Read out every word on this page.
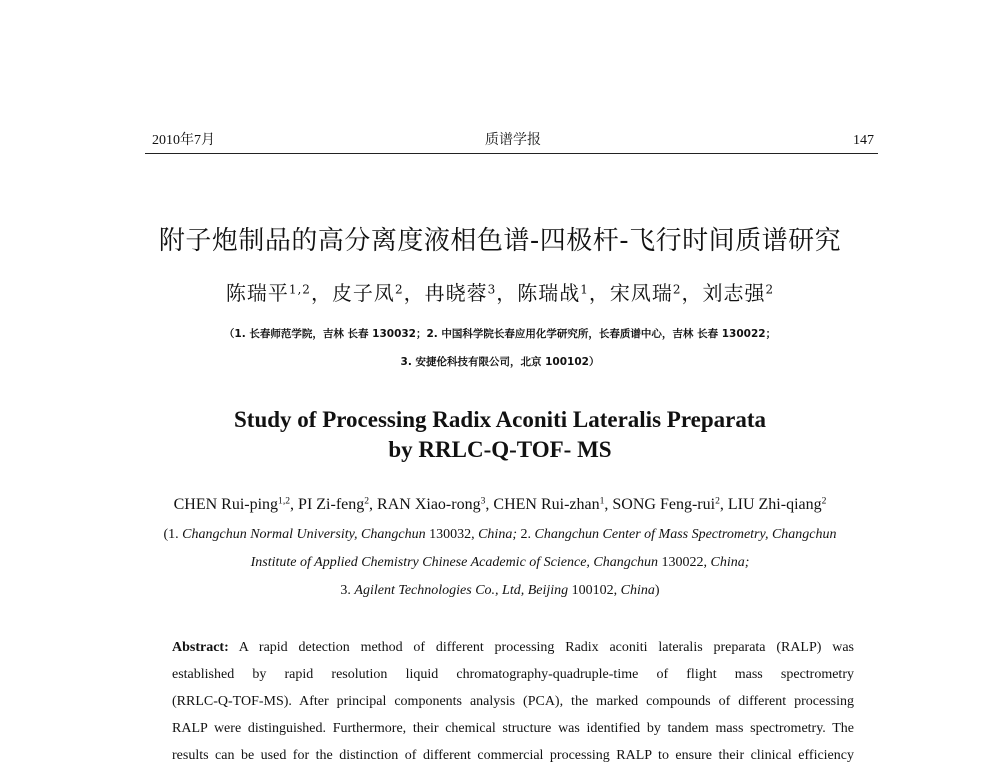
2010年7月	质谱学报	147
附子炮制品的高分离度液相色谱-四极杆-飞行时间质谱研究
陈瑞平$^{1,2}$，皮子凤$^2$，冉晓蓉$^3$，陈瑞战$^1$，宋凤瑞$^2$，刘志强$^2$
（1. 长春师范学院，吉林 长春 130032；2. 中国科学院长春应用化学研究所，长春质谱中心，吉林 长春 130022；
3. 安捷伦科技有限公司，北京 100102）
Study of Processing Radix Aconiti Lateralis Preparata
by RRLC-Q-TOF- MS
CHEN Rui-ping$^{1,2}$, PI Zi-feng$^2$, RAN Xiao-rong$^3$, CHEN Rui-zhan$^1$, SONG Feng-rui$^2$, LIU Zhi-qiang$^2$
(1. Changchun Normal University, Changchun 130032, China; 2. Changchun Center of Mass Spectrometry, Changchun
Institute of Applied Chemistry Chinese Academic of Science, Changchun 130022, China;
3. Agilent Technologies Co., Ltd, Beijing 100102, China)
Abstract: A rapid detection method of different processing Radix aconiti lateralis preparata (RALP) was
established by rapid resolution liquid chromatography-quadruple-time of flight mass spectrometry
(RRLC-Q-TOF-MS). After principal components analysis (PCA), the marked compounds of different processing
RALP were distinguished. Furthermore, their chemical structure was identified by tandem mass spectrometry. The
results can be used for the distinction of different commercial processing RALP to ensure their clinical efficiency
